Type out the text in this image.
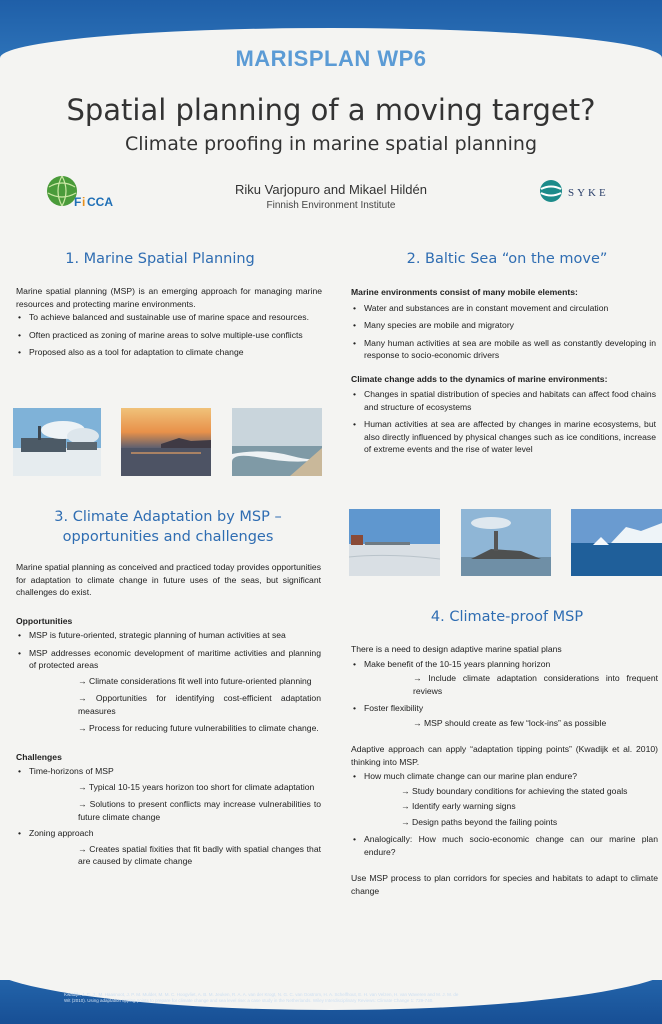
MARISPLAN WP6
Spatial planning of a moving target?
Climate proofing in marine spatial planning
Riku Varjopuro and Mikael Hildén
Finnish Environment Institute
F i CCA
SYKE
1. Marine Spatial Planning
Marine spatial planning (MSP) is an emerging approach for managing marine resources and protecting marine environments.
• To achieve balanced and sustainable use of marine space and resources.
• Often practiced as zoning of marine areas to solve multiple-use conflicts
• Proposed also as a tool for adaptation to climate change
2. Baltic Sea “on the move”
Marine environments consist of many mobile elements:
• Water and substances are in constant movement and circulation
• Many species are mobile and migratory
• Many human activities at sea are mobile as well as constantly developing in response to socio-economic drivers
Climate change adds to the dynamics of marine environments:
• Changes in spatial distribution of species and habitats can affect food chains and structure of ecosystems
• Human activities at sea are affected by changes in marine ecosystems, but also directly influenced by physical changes such as ice conditions, increase of extreme events and the rise of water level
3. Climate Adaptation by MSP –
opportunities and challenges
Marine spatial planning as conceived and practiced today provides opportunities for adaptation to climate change in future uses of the seas, but significant challenges do exist.
Opportunities
• MSP is future-oriented, strategic planning of human activities at sea
• MSP addresses economic development of maritime activities and planning of protected areas
→ Climate considerations fit well into future-oriented planning
→ Opportunities for identifying cost-efficient adaptation measures
→ Process for reducing future vulnerabilities to climate change.
Challenges
• Time-horizons of MSP
→ Typical 10-15 years horizon too short for climate adaptation
→ Solutions to present conflicts may increase vulnerabilities to future climate change
• Zoning approach
→ Creates spatial fixities that fit badly with spatial changes that are caused by climate change
4. Climate-proof MSP
There is a need to design adaptive marine spatial plans
• Make benefit of the 10-15 years planning horizon
→ Include climate adaptation considerations into frequent reviews
• Foster flexibility
→ MSP should create as few “lock-ins” as possible
Adaptive approach can apply “adaptation tipping points” (Kwadijk et al. 2010) thinking into MSP.
• How much climate change can our marine plan endure?
→ Study boundary conditions for achieving the stated goals
→ Identify early warning signs
→ Design paths beyond the failing points
• Analogically: How much socio-economic change can our marine plan endure?
Use MSP process to plan corridors for species and habitats to adapt to climate change
Kwadijk, J. C. J., M. Haasnoot, J. P. M. Mulder, M. M. C. Hoogvliet, A. B. M. Jeuken, R. A. A. van der Krogt, N. G. C. van Oostrom, H. A. Schelfhout, E. H. van Velzen, H. van Waveren and M. J. M. de Wit (2010). Using adaptation tipping points to prepare for climate change and sea level rise: a case study in the Netherlands. Wiley Interdisciplinary Reviews: Climate Change 1: 729-740.
